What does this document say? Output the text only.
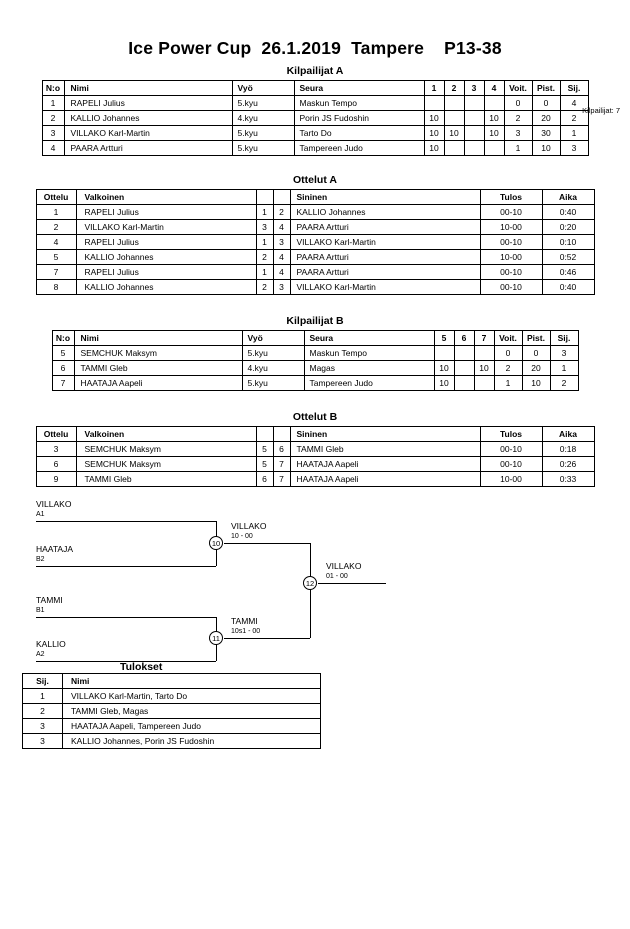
Ice Power Cup 26.1.2019 Tampere P13-38
Kilpailijat: 7
Kilpailijat A
N:o	Nimi	Vyö	Seura	1	2	3	4	Voit.	Pist.	Sij.
1	RAPELI Julius	5.kyu	Maskun Tempo					0	0	4
2	KALLIO Johannes	4.kyu	Porin JS Fudoshin	10			10	2	20	2
3	VILLAKO Karl-Martin	5.kyu	Tarto Do	10	10		10	3	30	1
4	PAARA Artturi	5.kyu	Tampereen Judo	10				1	10	3
Ottelut A
Ottelu	Valkoinen			Sininen	Tulos	Aika
1	RAPELI Julius	1	2	KALLIO Johannes	00-10	0:40
2	VILLAKO Karl-Martin	3	4	PAARA Artturi	10-00	0:20
4	RAPELI Julius	1	3	VILLAKO Karl-Martin	00-10	0:10
5	KALLIO Johannes	2	4	PAARA Artturi	10-00	0:52
7	RAPELI Julius	1	4	PAARA Artturi	00-10	0:46
8	KALLIO Johannes	2	3	VILLAKO Karl-Martin	00-10	0:40
Kilpailijat B
N:o	Nimi	Vyö	Seura	5	6	7	Voit.	Pist.	Sij.
5	SEMCHUK Maksym	5.kyu	Maskun Tempo				0	0	3
6	TAMMI Gleb	4.kyu	Magas	10		10	2	20	1
7	HAATAJA Aapeli	5.kyu	Tampereen Judo	10			1	10	2
Ottelut B
Ottelu	Valkoinen			Sininen	Tulos	Aika
3	SEMCHUK Maksym	5	6	TAMMI Gleb	00-10	0:18
6	SEMCHUK Maksym	5	7	HAATAJA Aapeli	00-10	0:26
9	TAMMI Gleb	6	7	HAATAJA Aapeli	10-00	0:33
VILLAKO
A1
HAATAJA
B2
10
VILLAKO
10 - 00
TAMMI
B1
KALLIO
A2
11
TAMMI
10s1 - 00
12
VILLAKO
01 - 00
Tulokset
Sij.	Nimi
1	VILLAKO Karl-Martin, Tarto Do
2	TAMMI Gleb, Magas
3	HAATAJA Aapeli, Tampereen Judo
3	KALLIO Johannes, Porin JS Fudoshin
